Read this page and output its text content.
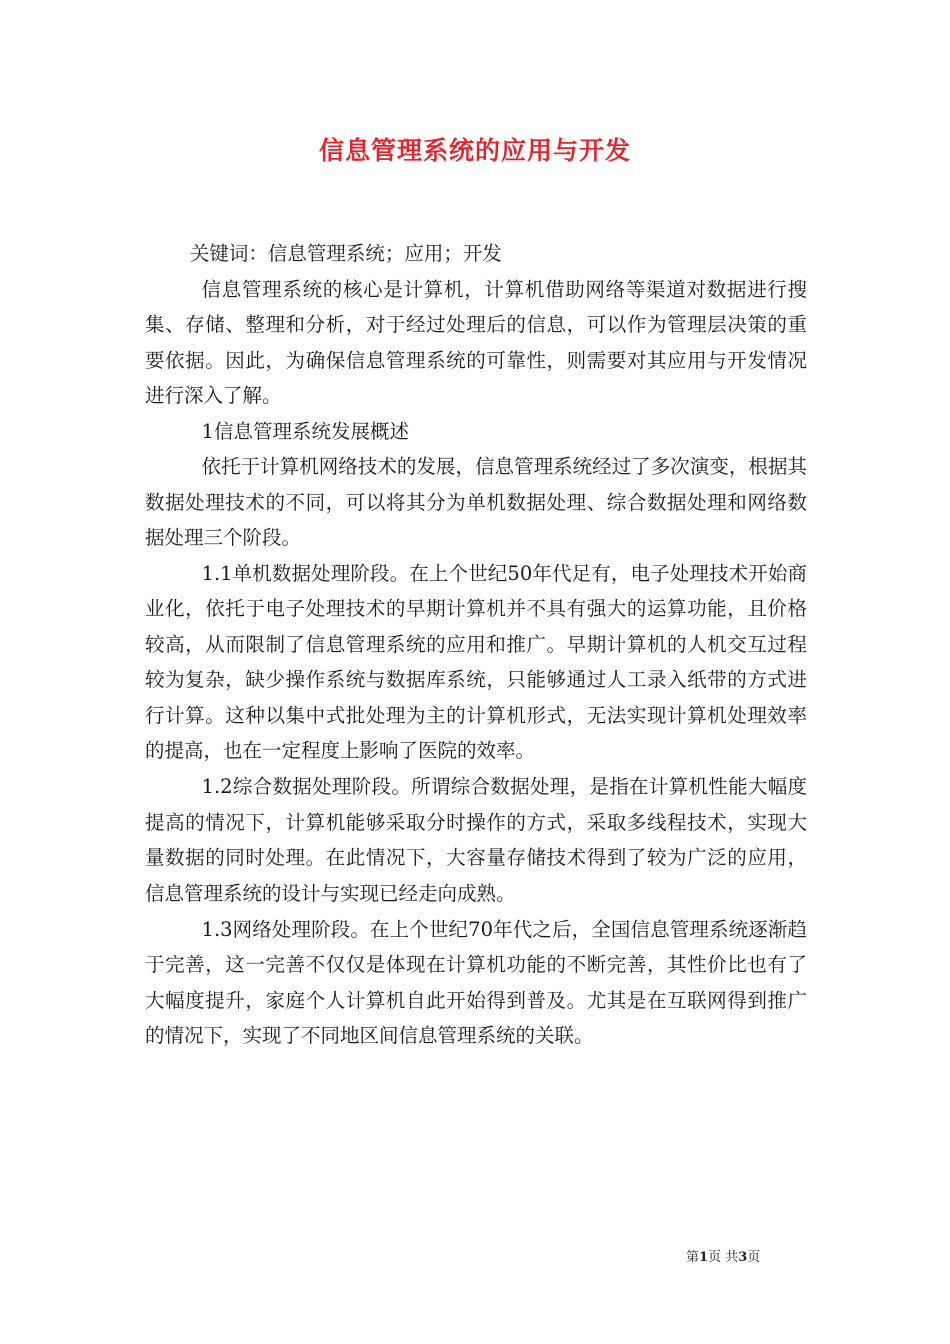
信息管理系统的应用与开发

关键词：信息管理系统；应用；开发

信息管理系统的核心是计算机，计算机借助网络等渠道对数据进行搜集、存储、整理和分析，对于经过处理后的信息，可以作为管理层决策的重要依据。因此，为确保信息管理系统的可靠性，则需要对其应用与开发情况进行深入了解。

1信息管理系统发展概述

依托于计算机网络技术的发展，信息管理系统经过了多次演变，根据其数据处理技术的不同，可以将其分为单机数据处理、综合数据处理和网络数据处理三个阶段。

1.1单机数据处理阶段。在上个世纪50年代足有，电子处理技术开始商业化，依托于电子处理技术的早期计算机并不具有强大的运算功能，且价格较高，从而限制了信息管理系统的应用和推广。早期计算机的人机交互过程较为复杂，缺少操作系统与数据库系统，只能够通过人工录入纸带的方式进行计算。这种以集中式批处理为主的计算机形式，无法实现计算机处理效率的提高，也在一定程度上影响了医院的效率。

1.2综合数据处理阶段。所谓综合数据处理，是指在计算机性能大幅度提高的情况下，计算机能够采取分时操作的方式，采取多线程技术，实现大量数据的同时处理。在此情况下，大容量存储技术得到了较为广泛的应用，信息管理系统的设计与实现已经走向成熟。

1.3网络处理阶段。在上个世纪70年代之后，全国信息管理系统逐渐趋于完善，这一完善不仅仅是体现在计算机功能的不断完善，其性价比也有了大幅度提升，家庭个人计算机自此开始得到普及。尤其是在互联网得到推广的情况下，实现了不同地区间信息管理系统的关联。

第1页 共3页
